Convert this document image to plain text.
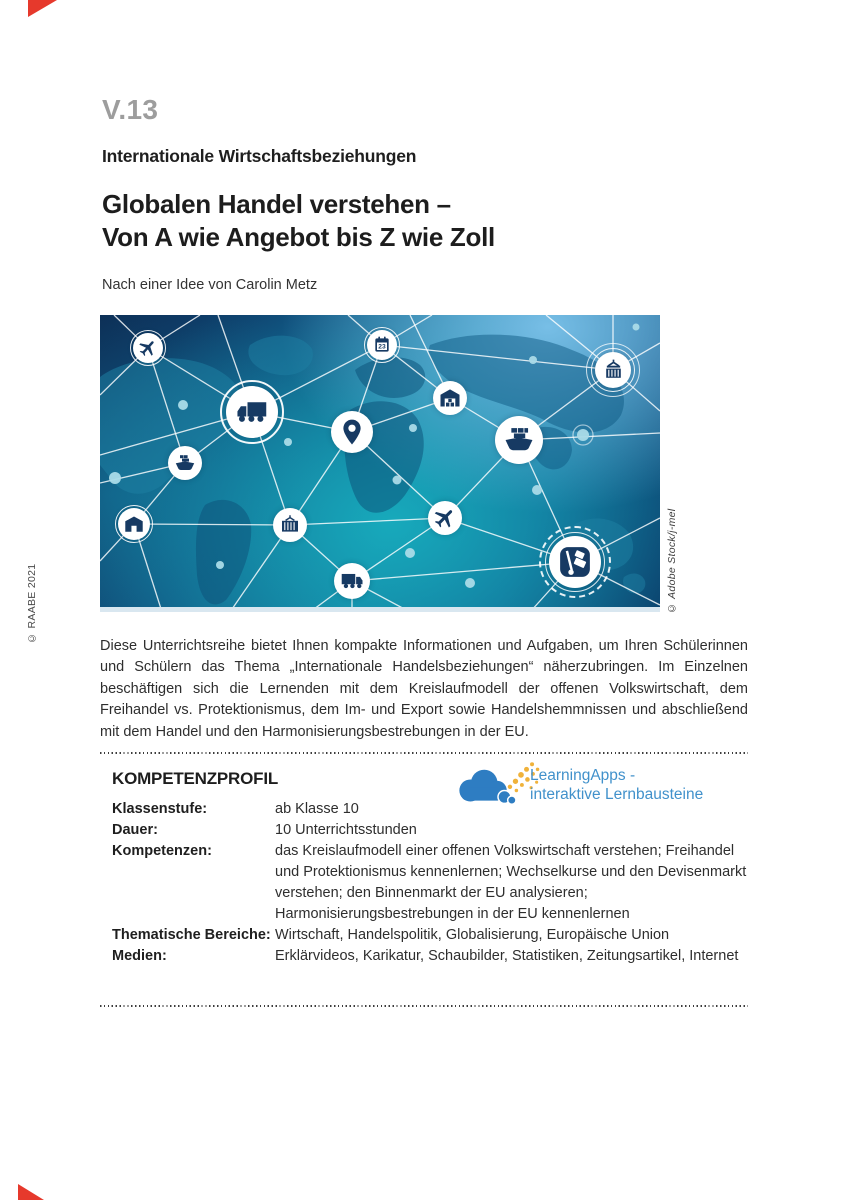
V.13
Internationale Wirtschaftsbeziehungen
Globalen Handel verstehen –
Von A wie Angebot bis Z wie Zoll
Nach einer Idee von Carolin Metz
© RAABE 2021	© Adobe Stock/j-mel
23

Diese Unterrichtsreihe bietet Ihnen kompakte Informationen und Aufgaben, um Ihren Schülerinnen und Schülern das Thema „Internationale Handelsbeziehungen“ näherzubringen. Im Einzelnen beschäftigen sich die Lernenden mit dem Kreislaufmodell der offenen Volkswirtschaft, dem Freihandel vs. Protektionismus, dem Im- und Export sowie Handelshemmnissen und abschließend mit dem Handel und den Harmonisierungsbestrebungen in der EU.

KOMPETENZPROFIL	LearningApps -
interaktive Lernbausteine
Klassenstufe:	ab Klasse 10
Dauer:	10 Unterrichtsstunden
Kompetenzen:	das Kreislaufmodell einer offenen Volkswirtschaft verstehen; Freihandel und Protektionismus kennenlernen; Wechselkurse und den Devisenmarkt verstehen; den Binnenmarkt der EU analysieren; Harmonisierungsbestrebungen in der EU kennenlernen
Thematische Bereiche: Wirtschaft, Handelspolitik, Globalisierung, Europäische Union
Medien:	Erklärvideos, Karikatur, Schaubilder, Statistiken, Zeitungsartikel, Internet
